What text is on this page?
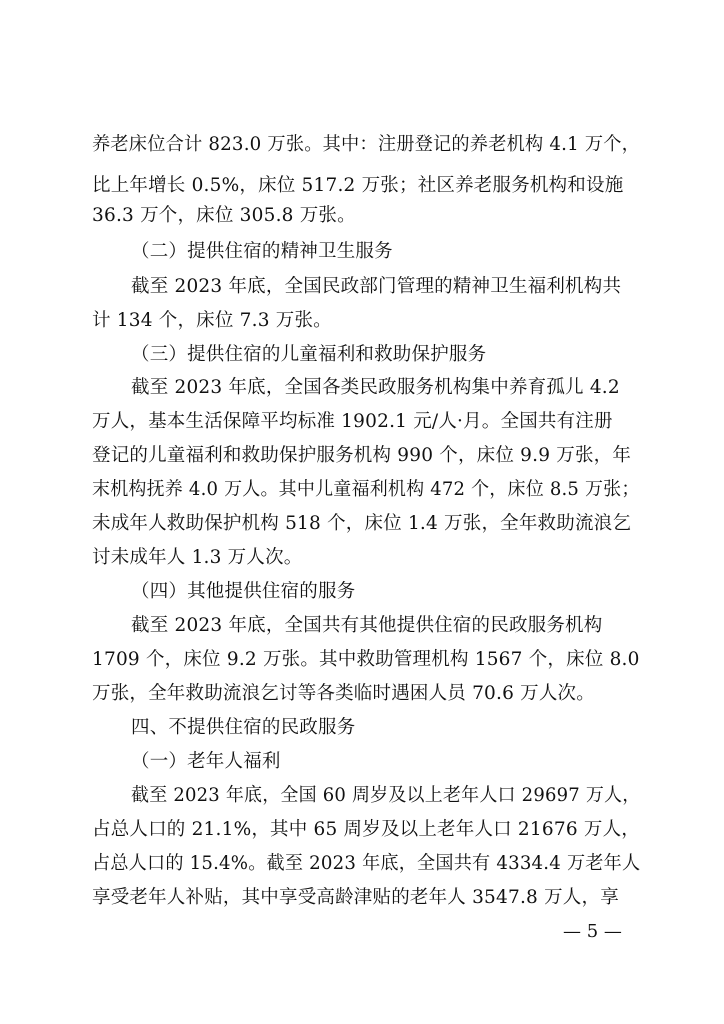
养老床位合计 823.0 万张。其中：注册登记的养老机构 4.1 万个，
比上年增长 0.5%，床位 517.2 万张；社区养老服务机构和设施
36.3 万个，床位 305.8 万张。
（二）提供住宿的精神卫生服务
截至 2023 年底，全国民政部门管理的精神卫生福利机构共
计 134 个，床位 7.3 万张。
（三）提供住宿的儿童福利和救助保护服务
截至 2023 年底，全国各类民政服务机构集中养育孤儿 4.2
万人，基本生活保障平均标准 1902.1 元/人·月。全国共有注册
登记的儿童福利和救助保护服务机构 990 个，床位 9.9 万张，年
末机构抚养 4.0 万人。其中儿童福利机构 472 个，床位 8.5 万张；
未成年人救助保护机构 518 个，床位 1.4 万张，全年救助流浪乞
讨未成年人 1.3 万人次。
（四）其他提供住宿的服务
截至 2023 年底，全国共有其他提供住宿的民政服务机构
1709 个，床位 9.2 万张。其中救助管理机构 1567 个，床位 8.0
万张，全年救助流浪乞讨等各类临时遇困人员 70.6 万人次。
四、不提供住宿的民政服务
（一）老年人福利
截至 2023 年底，全国 60 周岁及以上老年人口 29697 万人，
占总人口的 21.1%，其中 65 周岁及以上老年人口 21676 万人，
占总人口的 15.4%。截至 2023 年底，全国共有 4334.4 万老年人
享受老年人补贴，其中享受高龄津贴的老年人 3547.8 万人，享
— 5 —
